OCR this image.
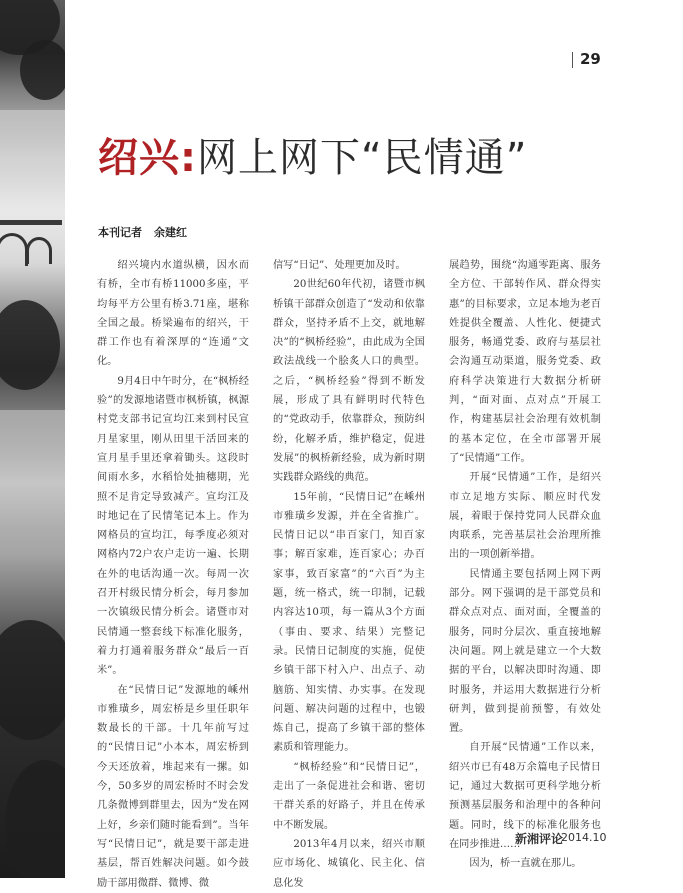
29
绍兴:网上网下“民情通”
本刊记者 余建红

绍兴境内水道纵横，因水而有桥，全市有桥11000多座，平均每平方公里有桥3.71座，堪称全国之最。桥梁遍布的绍兴，干群工作也有着深厚的“连通”文化。

9月4日中午时分，在“枫桥经验”的发源地诸暨市枫桥镇，枫源村党支部书记宣均江来到村民宣月星家里，刚从田里干活回来的宣月星手里还拿着锄头。这段时间雨水多，水稻恰处抽穗期，光照不足肯定导致减产。宣均江及时地记在了民情笔记本上。作为网格员的宣均江，每季度必须对网格内72户农户走访一遍、长期在外的电话沟通一次。每周一次召开村级民情分析会，每月参加一次镇级民情分析会。诸暨市对民情通一整套线下标准化服务，着力打通着服务群众“最后一百米”。

在“民情日记”发源地的嵊州市雅璜乡，周宏桥是乡里任职年数最长的干部。十几年前写过的“民情日记”小本本，周宏桥到今天还放着，堆起来有一摞。如今，50多岁的周宏桥时不时会发几条微博到群里去，因为“发在网上好，乡亲们随时能看到”。当年写“民情日记”，就是要干部走进基层，帮百姓解决问题。如今鼓励干部用微群、微博、微

信写“日记”、处理更加及时。

20世纪60年代初，诸暨市枫桥镇干部群众创造了“发动和依靠群众，坚持矛盾不上交，就地解决”的“枫桥经验”，由此成为全国政法战线一个脍炙人口的典型。之后，“枫桥经验”得到不断发展，形成了具有鲜明时代特色的“党政动手，依靠群众，预防纠纷，化解矛盾，维护稳定，促进发展”的枫桥新经验，成为新时期实践群众路线的典范。

15年前，“民情日记”在嵊州市雅璜乡发源，并在全省推广。民情日记以“串百家门，知百家事；解百家难，连百家心；办百家事，致百家富”的“六百”为主题，统一格式，统一印制，记载内容达10项，每一篇从3个方面（事由、要求、结果）完整记录。民情日记制度的实施，促使乡镇干部下村入户、出点子、动脑筋、知实情、办实事。在发现问题、解决问题的过程中，也锻炼自己，提高了乡镇干部的整体素质和管理能力。

“枫桥经验”和“民情日记”，走出了一条促进社会和谐、密切干群关系的好路子，并且在传承中不断发展。

2013年4月以来，绍兴市顺应市场化、城镇化、民主化、信息化发

展趋势，围绕“沟通零距离、服务全方位、干部转作风、群众得实惠”的目标要求，立足本地为老百姓提供全覆盖、人性化、便捷式服务，畅通党委、政府与基层社会沟通互动渠道，服务党委、政府科学决策进行大数据分析研判，“面对面、点对点”开展工作，构建基层社会治理有效机制的基本定位，在全市部署开展了“民情通”工作。

开展“民情通”工作，是绍兴市立足地方实际、顺应时代发展，着眼于保持党同人民群众血肉联系，完善基层社会治理所推出的一项创新举措。

民情通主要包括网上网下两部分。网下强调的是干部党员和群众点对点、面对面，全覆盖的服务，同时分层次、重直接地解决问题。网上就是建立一个大数据的平台，以解决即时沟通、即时服务，并运用大数据进行分析研判，做到提前预警，有效处置。

自开展“民情通”工作以来，绍兴市已有48万余篇电子民情日记，通过大数据可更科学地分析预测基层服务和治理中的各种问题。同时，线下的标准化服务也在同步推进……

因为，桥一直就在那儿。

新湘评论
2014.10
